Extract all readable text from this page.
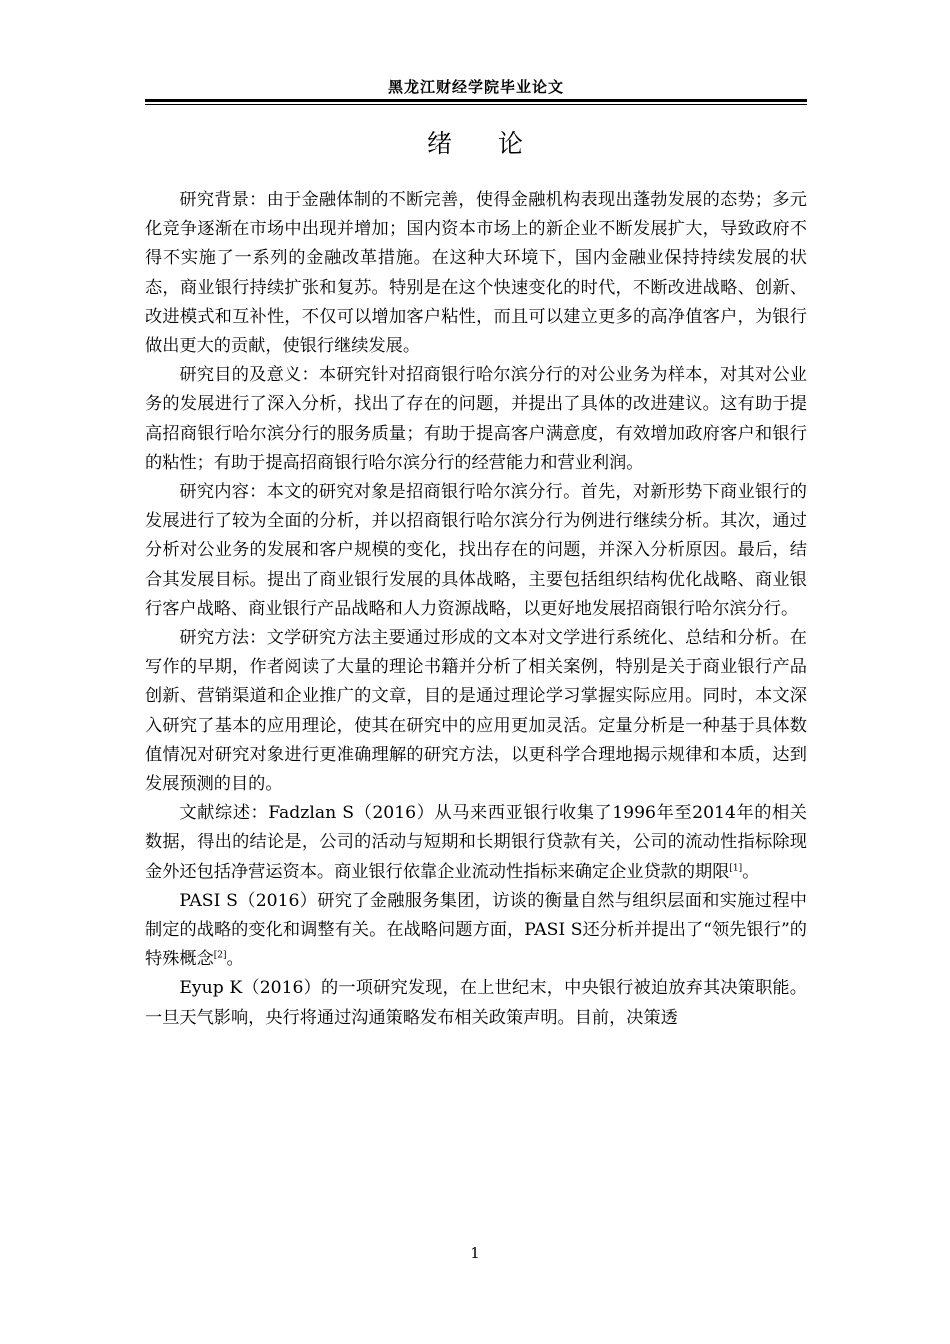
黑龙江财经学院毕业论文
绪 论

研究背景：由于金融体制的不断完善，使得金融机构表现出蓬勃发展的态势；多元化竞争逐渐在市场中出现并增加；国内资本市场上的新企业不断发展扩大，导致政府不得不实施了一系列的金融改革措施。在这种大环境下，国内金融业保持持续发展的状态，商业银行持续扩张和复苏。特别是在这个快速变化的时代，不断改进战略、创新、改进模式和互补性，不仅可以增加客户粘性，而且可以建立更多的高净值客户，为银行做出更大的贡献，使银行继续发展。

研究目的及意义：本研究针对招商银行哈尔滨分行的对公业务为样本，对其对公业务的发展进行了深入分析，找出了存在的问题，并提出了具体的改进建议。这有助于提高招商银行哈尔滨分行的服务质量；有助于提高客户满意度，有效增加政府客户和银行的粘性；有助于提高招商银行哈尔滨分行的经营能力和营业利润。

研究内容：本文的研究对象是招商银行哈尔滨分行。首先，对新形势下商业银行的发展进行了较为全面的分析，并以招商银行哈尔滨分行为例进行继续分析。其次，通过分析对公业务的发展和客户规模的变化，找出存在的问题，并深入分析原因。最后，结合其发展目标。提出了商业银行发展的具体战略，主要包括组织结构优化战略、商业银行客户战略、商业银行产品战略和人力资源战略，以更好地发展招商银行哈尔滨分行。

研究方法：文学研究方法主要通过形成的文本对文学进行系统化、总结和分析。在写作的早期，作者阅读了大量的理论书籍并分析了相关案例，特别是关于商业银行产品创新、营销渠道和企业推广的文章，目的是通过理论学习掌握实际应用。同时，本文深入研究了基本的应用理论，使其在研究中的应用更加灵活。定量分析是一种基于具体数值情况对研究对象进行更准确理解的研究方法，以更科学合理地揭示规律和本质，达到发展预测的目的。

文献综述：Fadzlan S（2016）从马来西亚银行收集了1996年至2014年的相关数据，得出的结论是，公司的活动与短期和长期银行贷款有关，公司的流动性指标除现金外还包括净营运资本。商业银行依靠企业流动性指标来确定企业贷款的期限[1]。

PASI S（2016）研究了金融服务集团，访谈的衡量自然与组织层面和实施过程中制定的战略的变化和调整有关。在战略问题方面，PASI S还分析并提出了“领先银行”的特殊概念[2]。

Eyup K（2016）的一项研究发现，在上世纪末，中央银行被迫放弃其决策职能。一旦天气影响，央行将通过沟通策略发布相关政策声明。目前，决策透

1
